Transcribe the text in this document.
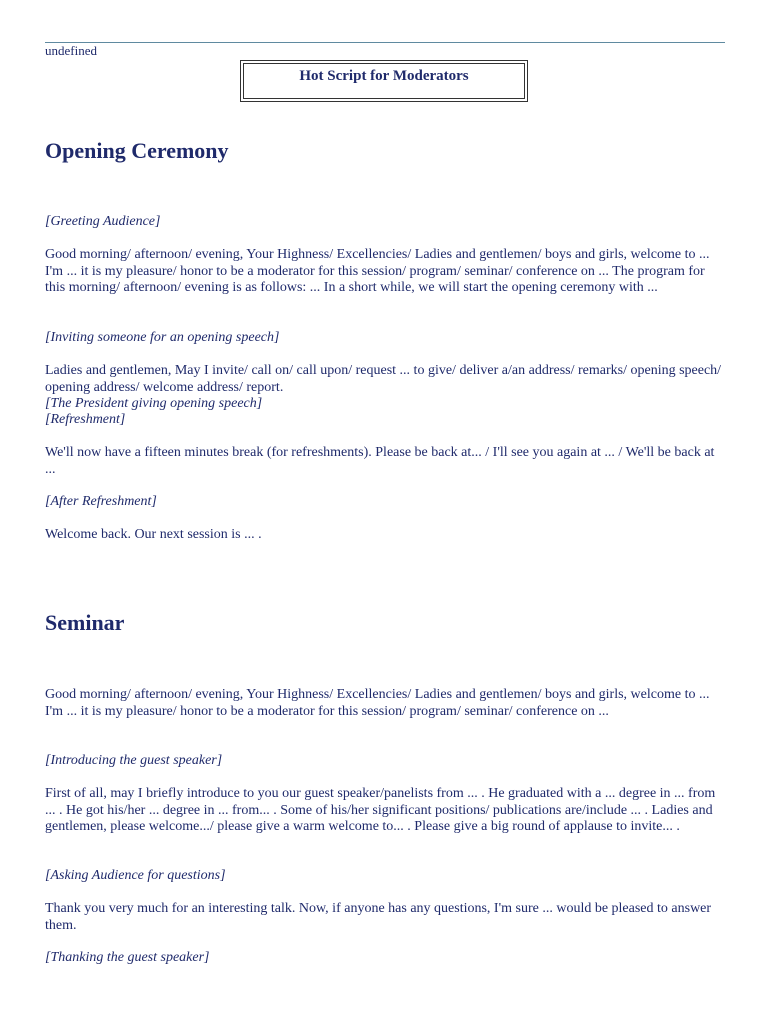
undefined
Hot Script for Moderators
Opening Ceremony

[Greeting Audience]

Good morning/ afternoon/ evening, Your Highness/ Excellencies/ Ladies and gentlemen/ boys and girls, welcome to ... I'm ... it is my pleasure/ honor to be a moderator for this session/ program/ seminar/ conference on ... The program for this morning/ afternoon/ evening is as follows: ... In a short while, we will start the opening ceremony with ...

[Inviting someone for an opening speech]

Ladies and gentlemen, May I invite/ call on/ call upon/ request ... to give/ deliver a/an address/ remarks/ opening speech/ opening address/ welcome address/ report.

[The President giving opening speech]

[Refreshment]

We'll now have a fifteen minutes break (for refreshments). Please be back at... / I'll see you again at ... / We'll be back at ...

[After Refreshment]

Welcome back. Our next session is ... .

Seminar

Good morning/ afternoon/ evening, Your Highness/ Excellencies/ Ladies and gentlemen/ boys and girls, welcome to ... I'm ... it is my pleasure/ honor to be a moderator for this session/ program/ seminar/ conference on ...

[Introducing the guest speaker]

First of all, may I briefly introduce to you our guest speaker/panelists from ... . He graduated with a ... degree in ... from ... . He got his/her ... degree in ... from... . Some of his/her significant positions/ publications are/include ... . Ladies and gentlemen, please welcome.../ please give a warm welcome to... . Please give a big round of applause to invite... .

[Asking Audience for questions]

Thank you very much for an interesting talk. Now, if anyone has any questions, I'm sure ... would be pleased to answer them.

[Thanking the guest speaker]
